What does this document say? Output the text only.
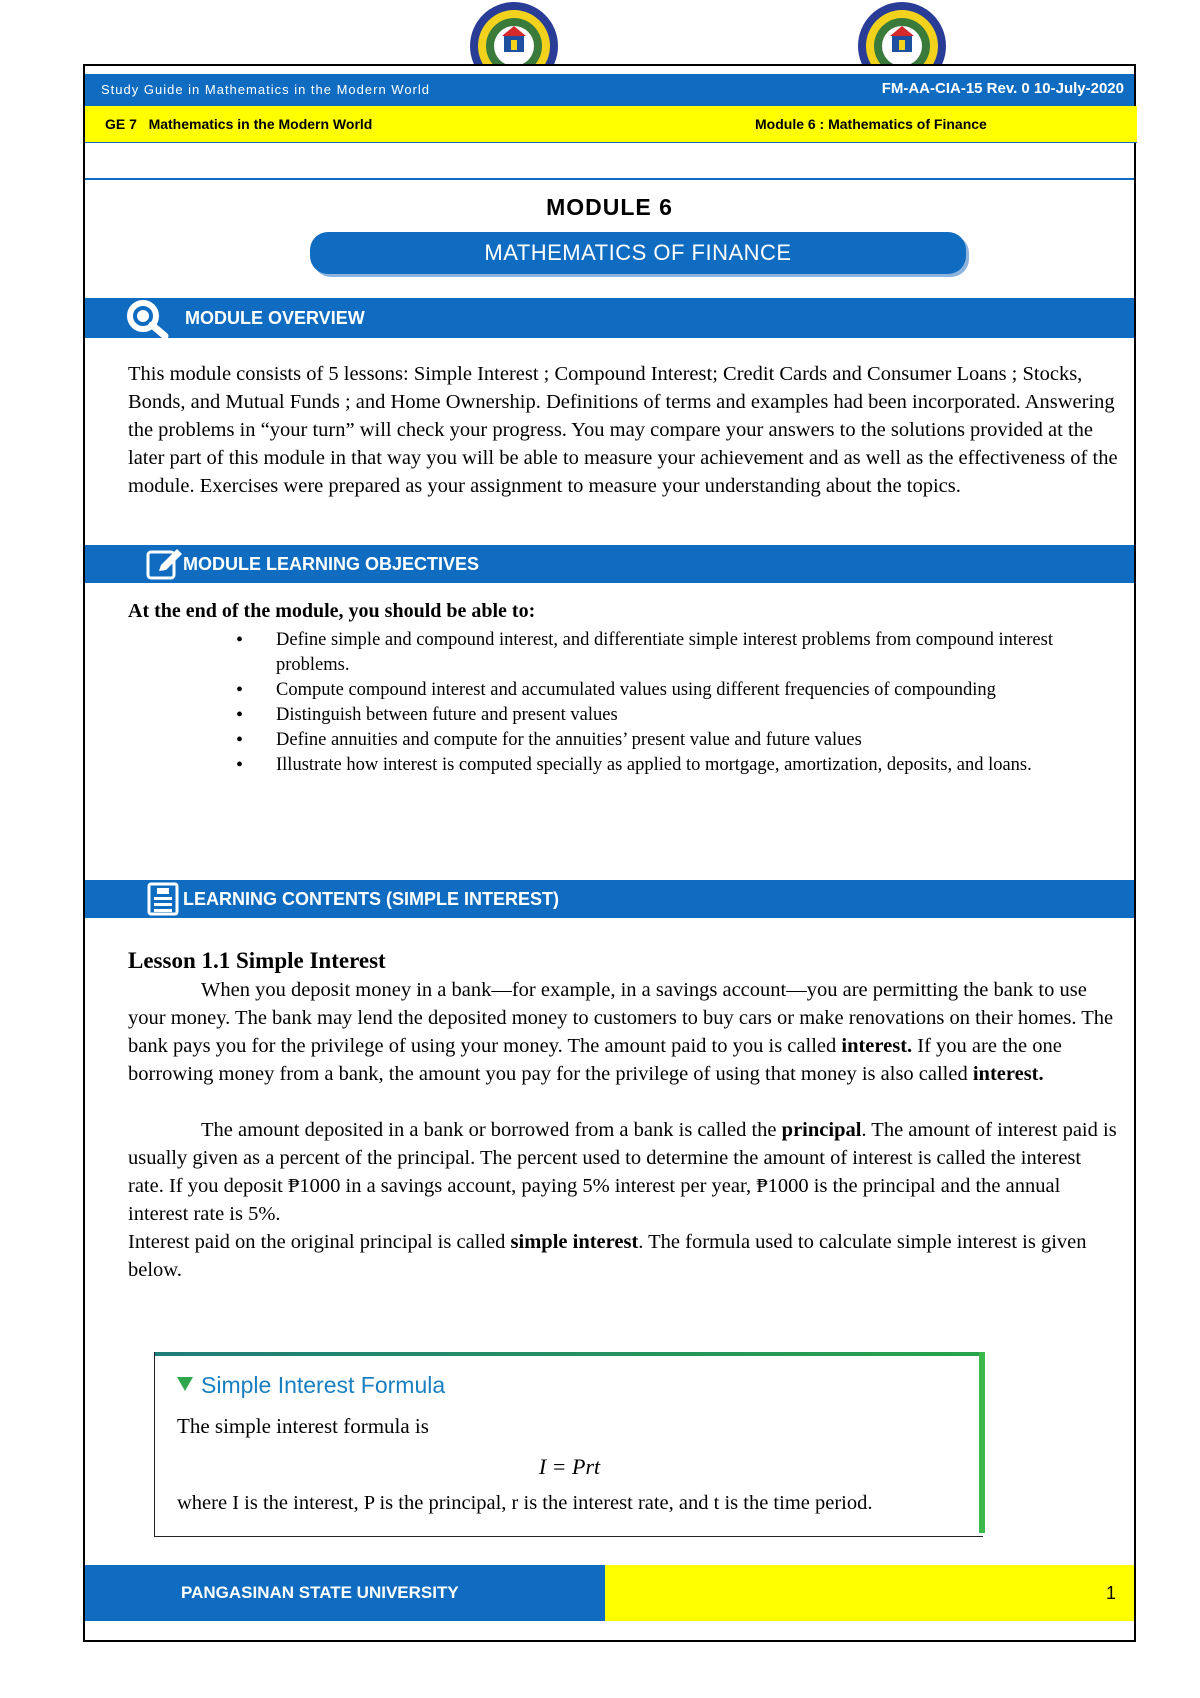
Study Guide in Mathematics in the Modern World	FM-AA-CIA-15 Rev. 0 10-July-2020
GE 7   Mathematics in the Modern World	Module 6 : Mathematics of Finance
MODULE 6
MATHEMATICS OF FINANCE
MODULE OVERVIEW
This module consists of 5 lessons: Simple Interest ; Compound Interest; Credit Cards and Consumer Loans ; Stocks, Bonds, and Mutual Funds ; and Home Ownership. Definitions of terms and examples had been incorporated. Answering the problems in “your turn” will check your progress. You may compare your answers to the solutions provided at the later part of this module in that way you will be able to measure your achievement and as well as the effectiveness of the module. Exercises were prepared as your assignment to measure your understanding about the topics.
MODULE LEARNING OBJECTIVES
At the end of the module, you should be able to:
• Define simple and compound interest, and differentiate simple interest problems from compound interest problems.
• Compute compound interest and accumulated values using different frequencies of compounding
• Distinguish between future and present values
• Define annuities and compute for the annuities’ present value and future values
• Illustrate how interest is computed specially as applied to mortgage, amortization, deposits, and loans.
LEARNING CONTENTS (SIMPLE INTEREST)
Lesson 1.1 Simple Interest

When you deposit money in a bank—for example, in a savings account—you are permitting the bank to use your money. The bank may lend the deposited money to customers to buy cars or make renovations on their homes. The bank pays you for the privilege of using your money. The amount paid to you is called interest. If you are the one borrowing money from a bank, the amount you pay for the privilege of using that money is also called interest.

The amount deposited in a bank or borrowed from a bank is called the principal. The amount of interest paid is usually given as a percent of the principal. The percent used to determine the amount of interest is called the interest rate. If you deposit ₱1000 in a savings account, paying 5% interest per year, ₱1000 is the principal and the annual interest rate is 5%.

Interest paid on the original principal is called simple interest. The formula used to calculate simple interest is given below.

Simple Interest Formula
The simple interest formula is
I = Prt
where I is the interest, P is the principal, r is the interest rate, and t is the time period.
PANGASINAN STATE UNIVERSITY	1
